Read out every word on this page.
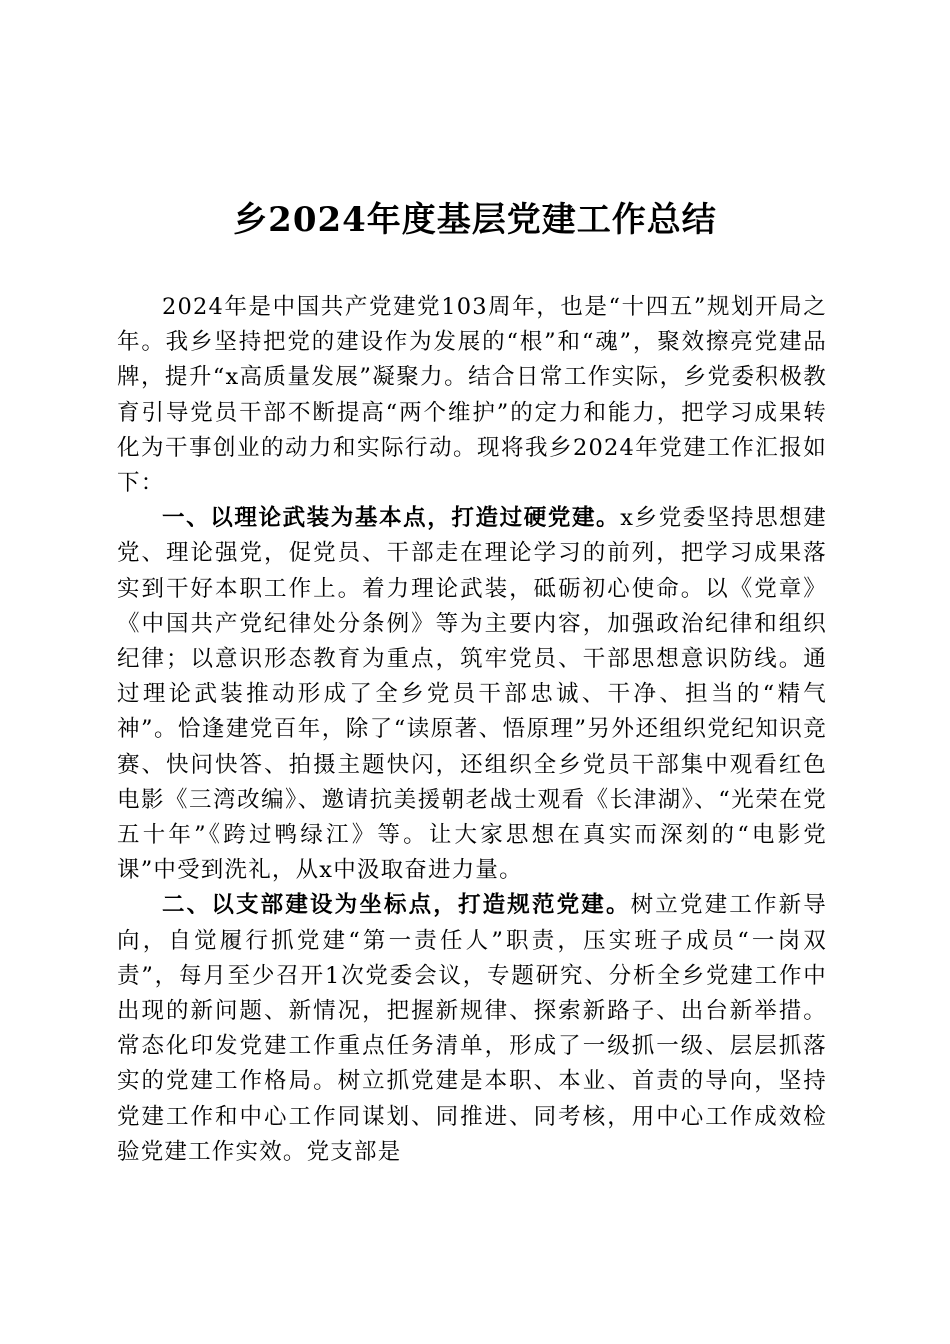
乡2024年度基层党建工作总结

2024年是中国共产党建党103周年，也是“十四五”规划开局之年。我乡坚持把党的建设作为发展的“根”和“魂”，聚效擦亮党建品牌，提升“x高质量发展”凝聚力。结合日常工作实际，乡党委积极教育引导党员干部不断提高“两个维护”的定力和能力，把学习成果转化为干事创业的动力和实际行动。现将我乡2024年党建工作汇报如下：

一、以理论武装为基本点，打造过硬党建。x乡党委坚持思想建党、理论强党，促党员、干部走在理论学习的前列，把学习成果落实到干好本职工作上。着力理论武装，砥砺初心使命。以《党章》《中国共产党纪律处分条例》等为主要内容，加强政治纪律和组织纪律；以意识形态教育为重点，筑牢党员、干部思想意识防线。通过理论武装推动形成了全乡党员干部忠诚、干净、担当的“精气神”。恰逢建党百年，除了“读原著、悟原理”另外还组织党纪知识竞赛、快问快答、拍摄主题快闪，还组织全乡党员干部集中观看红色电影《三湾改编》、邀请抗美援朝老战士观看《长津湖》、“光荣在党五十年”《跨过鸭绿江》等。让大家思想在真实而深刻的“电影党课”中受到洗礼，从x中汲取奋进力量。

二、以支部建设为坐标点，打造规范党建。树立党建工作新导向，自觉履行抓党建“第一责任人”职责，压实班子成员“一岗双责”，每月至少召开1次党委会议，专题研究、分析全乡党建工作中出现的新问题、新情况，把握新规律、探索新路子、出台新举措。常态化印发党建工作重点任务清单，形成了一级抓一级、层层抓落实的党建工作格局。树立抓党建是本职、本业、首责的导向，坚持党建工作和中心工作同谋划、同推进、同考核，用中心工作成效检验党建工作实效。党支部是
